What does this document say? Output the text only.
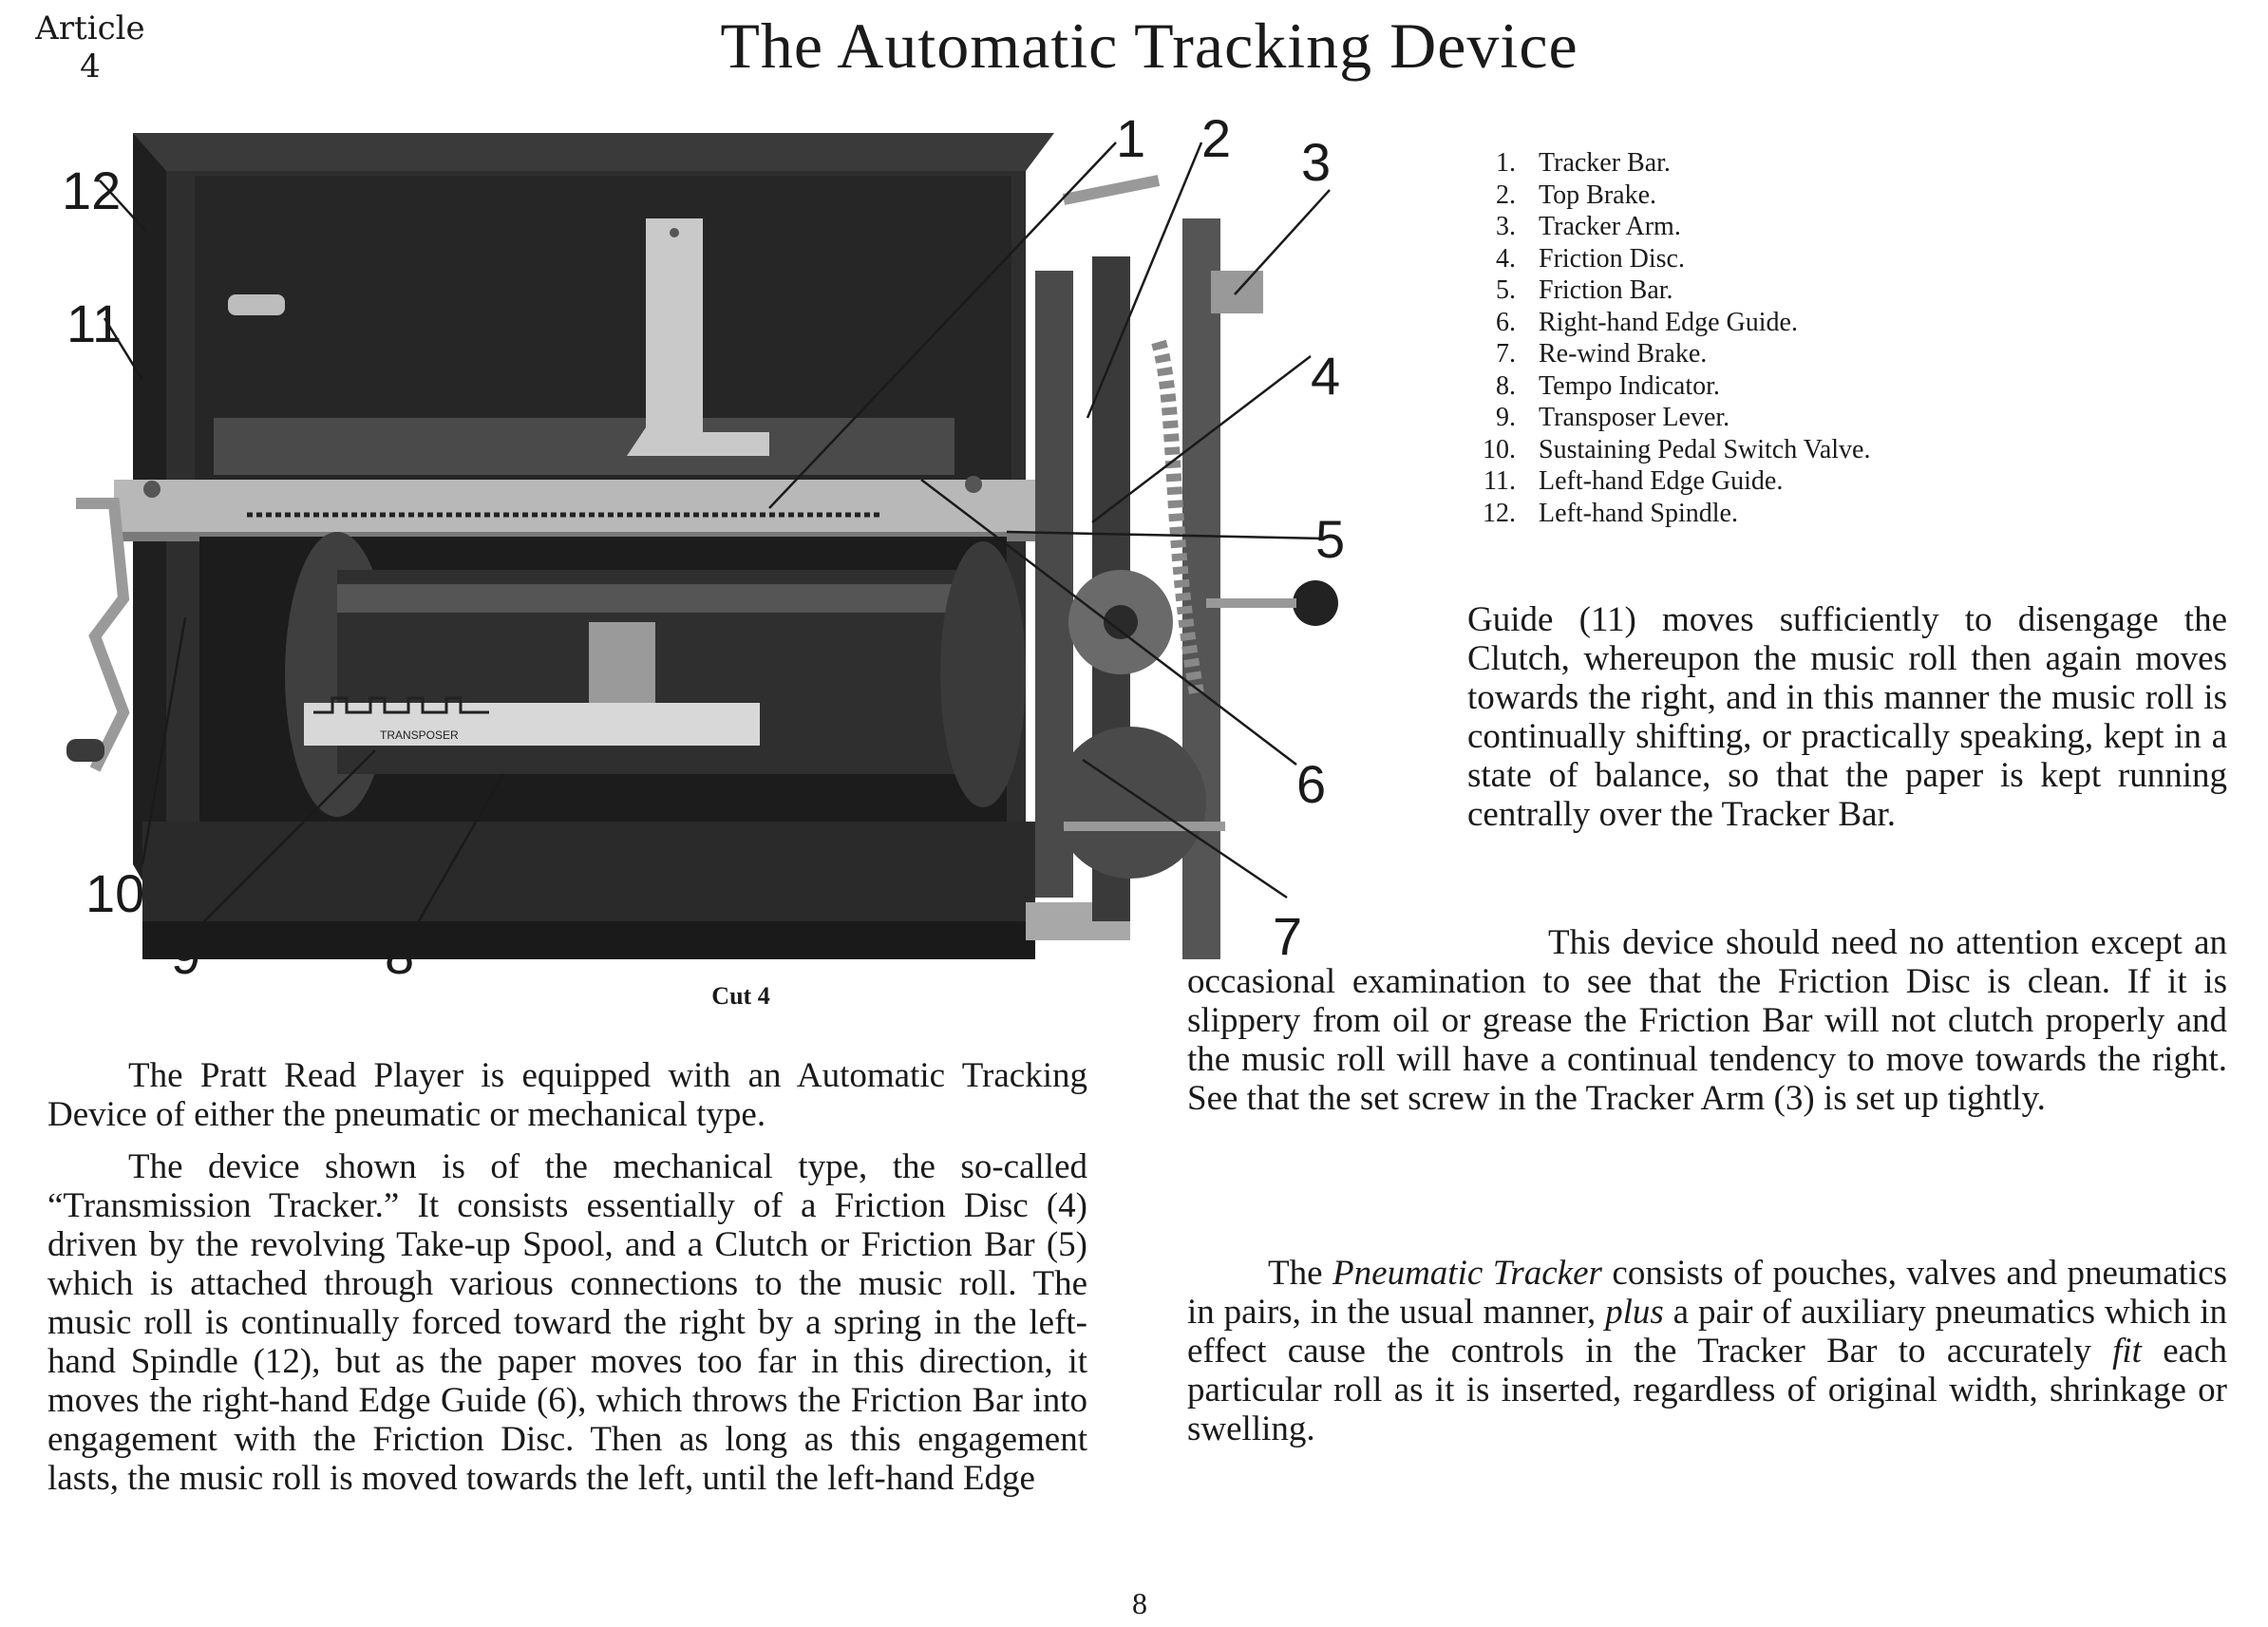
Article
4	The Automatic Tracking Device
TRANSPOSER
1 2 3
4
5
6
7
8
9
10
11
12
Cut 4
1. Tracker Bar.
2. Top Brake.
3. Tracker Arm.
4. Friction Disc.
5. Friction Bar.
6. Right-hand Edge Guide.
7. Re-wind Brake.
8. Tempo Indicator.
9. Transposer Lever.
10. Sustaining Pedal Switch Valve.
11. Left-hand Edge Guide.
12. Left-hand Spindle.

Guide (11) moves sufficiently to disengage the Clutch, whereupon the music roll then again moves towards the right, and in this manner the music roll is continually shifting, or practically speaking, kept in a state of balance, so that the paper is kept running centrally over the Tracker Bar.

This device should need no attention except an occasional examination to see that the Friction Disc is clean. If it is slippery from oil or grease the Friction Bar will not clutch properly and the music roll will have a continual tendency to move towards the right. See that the set screw in the Tracker Arm (3) is set up tightly.

The Pneumatic Tracker consists of pouches, valves and pneumatics in pairs, in the usual manner, plus a pair of auxiliary pneumatics which in effect cause the controls in the Tracker Bar to accurately fit each particular roll as it is inserted, regardless of original width, shrinkage or swelling.

The Pratt Read Player is equipped with an Automatic Tracking Device of either the pneumatic or mechanical type.

The device shown is of the mechanical type, the so-called “Transmission Tracker.” It consists essentially of a Friction Disc (4) driven by the revolving Take-up Spool, and a Clutch or Friction Bar (5) which is attached through various connections to the music roll. The music roll is continually forced toward the right by a spring in the left-hand Spindle (12), but as the paper moves too far in this direction, it moves the right-hand Edge Guide (6), which throws the Friction Bar into engagement with the Friction Disc. Then as long as this engagement lasts, the music roll is moved towards the left, until the left-hand Edge

8
